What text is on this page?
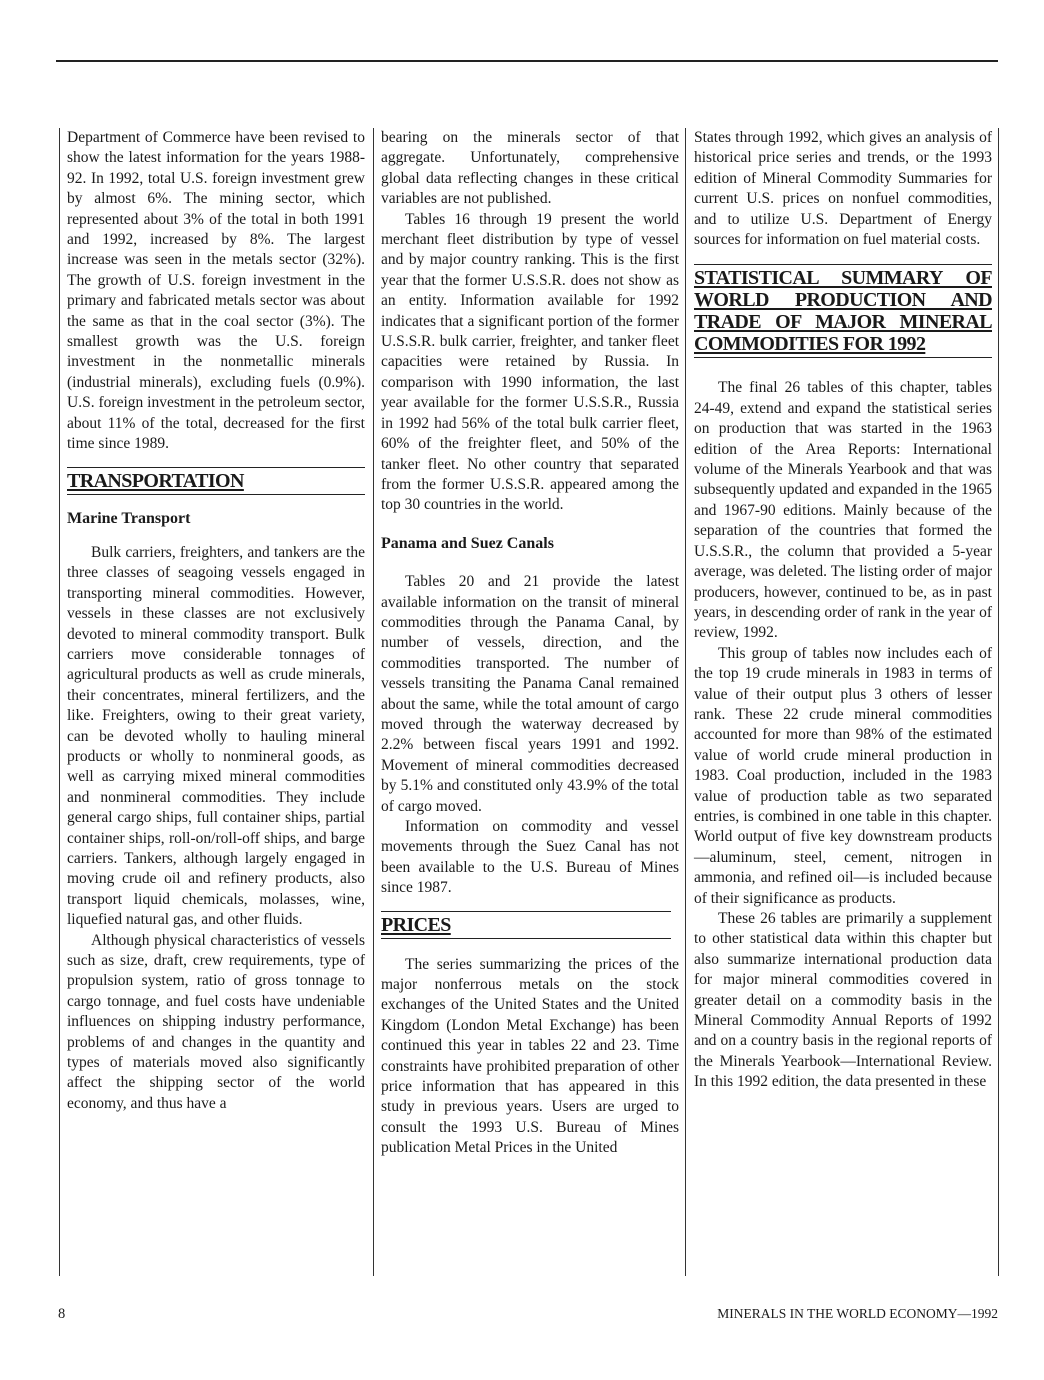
Department of Commerce have been revised to show the latest information for the years 1988-92. In 1992, total U.S. foreign investment grew by almost 6%. The mining sector, which represented about 3% of the total in both 1991 and 1992, increased by 8%. The largest increase was seen in the metals sector (32%). The growth of U.S. foreign investment in the primary and fabricated metals sector was about the same as that in the coal sector (3%). The smallest growth was the U.S. foreign investment in the nonmetallic minerals (industrial minerals), excluding fuels (0.9%). U.S. foreign investment in the petroleum sector, about 11% of the total, decreased for the first time since 1989.

TRANSPORTATION
Marine Transport

Bulk carriers, freighters, and tankers are the three classes of seagoing vessels engaged in transporting mineral commodities. However, vessels in these classes are not exclusively devoted to mineral commodity transport. Bulk carriers move considerable tonnages of agricultural products as well as crude minerals, their concentrates, mineral fertilizers, and the like. Freighters, owing to their great variety, can be devoted wholly to hauling mineral products or wholly to nonmineral goods, as well as carrying mixed mineral commodities and nonmineral commodities. They include general cargo ships, full container ships, partial container ships, roll-on/roll-off ships, and barge carriers. Tankers, although largely engaged in moving crude oil and refinery products, also transport liquid chemicals, molasses, wine, liquefied natural gas, and other fluids.

Although physical characteristics of vessels such as size, draft, crew requirements, type of propulsion system, ratio of gross tonnage to cargo tonnage, and fuel costs have undeniable influences on shipping industry performance, problems of and changes in the quantity and types of materials moved also significantly affect the shipping sector of the world economy, and thus have a

bearing on the minerals sector of that aggregate. Unfortunately, comprehensive global data reflecting changes in these critical variables are not published.

Tables 16 through 19 present the world merchant fleet distribution by type of vessel and by major country ranking. This is the first year that the former U.S.S.R. does not show as an entity. Information available for 1992 indicates that a significant portion of the former U.S.S.R. bulk carrier, freighter, and tanker fleet capacities were retained by Russia. In comparison with 1990 information, the last year available for the former U.S.S.R., Russia in 1992 had 56% of the total bulk carrier fleet, 60% of the freighter fleet, and 50% of the tanker fleet. No other country that separated from the former U.S.S.R. appeared among the top 30 countries in the world.

Panama and Suez Canals

Tables 20 and 21 provide the latest available information on the transit of mineral commodities through the Panama Canal, by number of vessels, direction, and the commodities transported. The number of vessels transiting the Panama Canal remained about the same, while the total amount of cargo moved through the waterway decreased by 2.2% between fiscal years 1991 and 1992. Movement of mineral commodities decreased by 5.1% and constituted only 43.9% of the total of cargo moved.

Information on commodity and vessel movements through the Suez Canal has not been available to the U.S. Bureau of Mines since 1987.

PRICES

The series summarizing the prices of the major nonferrous metals on the stock exchanges of the United States and the United Kingdom (London Metal Exchange) has been continued this year in tables 22 and 23. Time constraints have prohibited preparation of other price information that has appeared in this study in previous years. Users are urged to consult the 1993 U.S. Bureau of Mines publication Metal Prices in the United

States through 1992, which gives an analysis of historical price series and trends, or the 1993 edition of Mineral Commodity Summaries for current U.S. prices on nonfuel commodities, and to utilize U.S. Department of Energy sources for information on fuel material costs.

STATISTICAL SUMMARY OF WORLD PRODUCTION AND TRADE OF MAJOR MINERAL COMMODITIES FOR 1992

The final 26 tables of this chapter, tables 24-49, extend and expand the statistical series on production that was started in the 1963 edition of the Area Reports: International volume of the Minerals Yearbook and that was subsequently updated and expanded in the 1965 and 1967-90 editions. Mainly because of the separation of the countries that formed the U.S.S.R., the column that provided a 5-year average, was deleted. The listing order of major producers, however, continued to be, as in past years, in descending order of rank in the year of review, 1992.

This group of tables now includes each of the top 19 crude minerals in 1983 in terms of value of their output plus 3 others of lesser rank. These 22 crude mineral commodities accounted for more than 98% of the estimated value of world crude mineral production in 1983. Coal production, included in the 1983 value of production table as two separated entries, is combined in one table in this chapter. World output of five key downstream products—aluminum, steel, cement, nitrogen in ammonia, and refined oil—is included because of their significance as products.

These 26 tables are primarily a supplement to other statistical data within this chapter but also summarize international production data for major mineral commodities covered in greater detail on a commodity basis in the Mineral Commodity Annual Reports of 1992 and on a country basis in the regional reports of the Minerals Yearbook—International Review. In this 1992 edition, the data presented in these

8	MINERALS IN THE WORLD ECONOMY—1992
